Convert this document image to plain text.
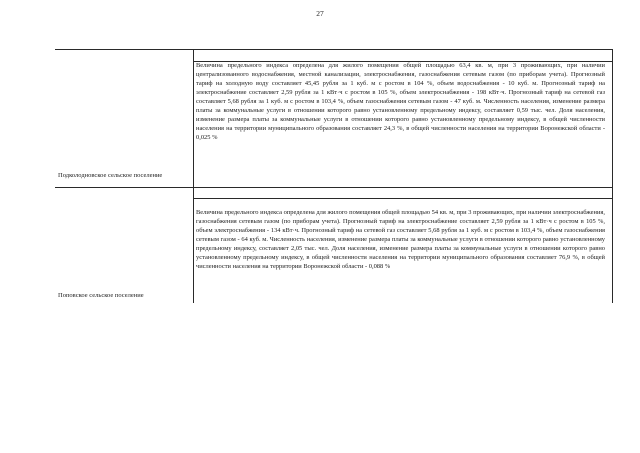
27
Подколодновское сельское поселение
Величина предельного индекса определена для жилого помещения общей площадью 63,4 кв. м, при 3 проживающих, при наличии централизованного водоснабжения, местной канализации, электроснабжения, газоснабжения сетевым газом (по приборам учета). Прогнозный тариф на холодную воду составляет 45,45 рубля за 1 куб. м с ростом в 104 %, объем водоснабжения - 10 куб. м. Прогнозный тариф на электроснабжение составляет 2,59 рубля за 1 кВт·ч с ростом в 105 %, объем электроснабжения - 198 кВт·ч. Прогнозный тариф на сетевой газ составляет 5,68 рубля за 1 куб. м с ростом в 103,4 %, объем газоснабжения сетевым газом - 47 куб. м. Численность населения, изменение размера платы за коммунальные услуги в отношении которого равно установленному предельному индексу, составляет 0,59 тыс. чел. Доля населения, изменение размера платы за коммунальные услуги в отношении которого равно установленному предельному индексу, в общей численности населения на территории муниципального образования составляет 24,3 %, в общей численности населения на территории Воронежской области - 0,025 %
Поповское сельское поселение
Величина предельного индекса определена для жилого помещения общей площадью 54 кв. м, при 3 проживающих, при наличии электроснабжения, газоснабжения сетевым газом (по приборам учета). Прогнозный тариф на электроснабжение составляет 2,59 рубля за 1 кВт·ч с ростом в 105 %, объем электроснабжения - 134 кВт·ч. Прогнозный тариф на сетевой газ составляет 5,68 рубля за 1 куб. м с ростом в 103,4 %, объем газоснабжения сетевым газом - 64 куб. м. Численность населения, изменение размера платы за коммунальные услуги в отношении которого равно установленному предельному индексу, составляет 2,05 тыс. чел. Доля населения, изменение размера платы за коммунальные услуги в отношении которого равно установленному предельному индексу, в общей численности населения на территории муниципального образования составляет 76,9 %, в общей численности населения на территории Воронежской области - 0,088 %
